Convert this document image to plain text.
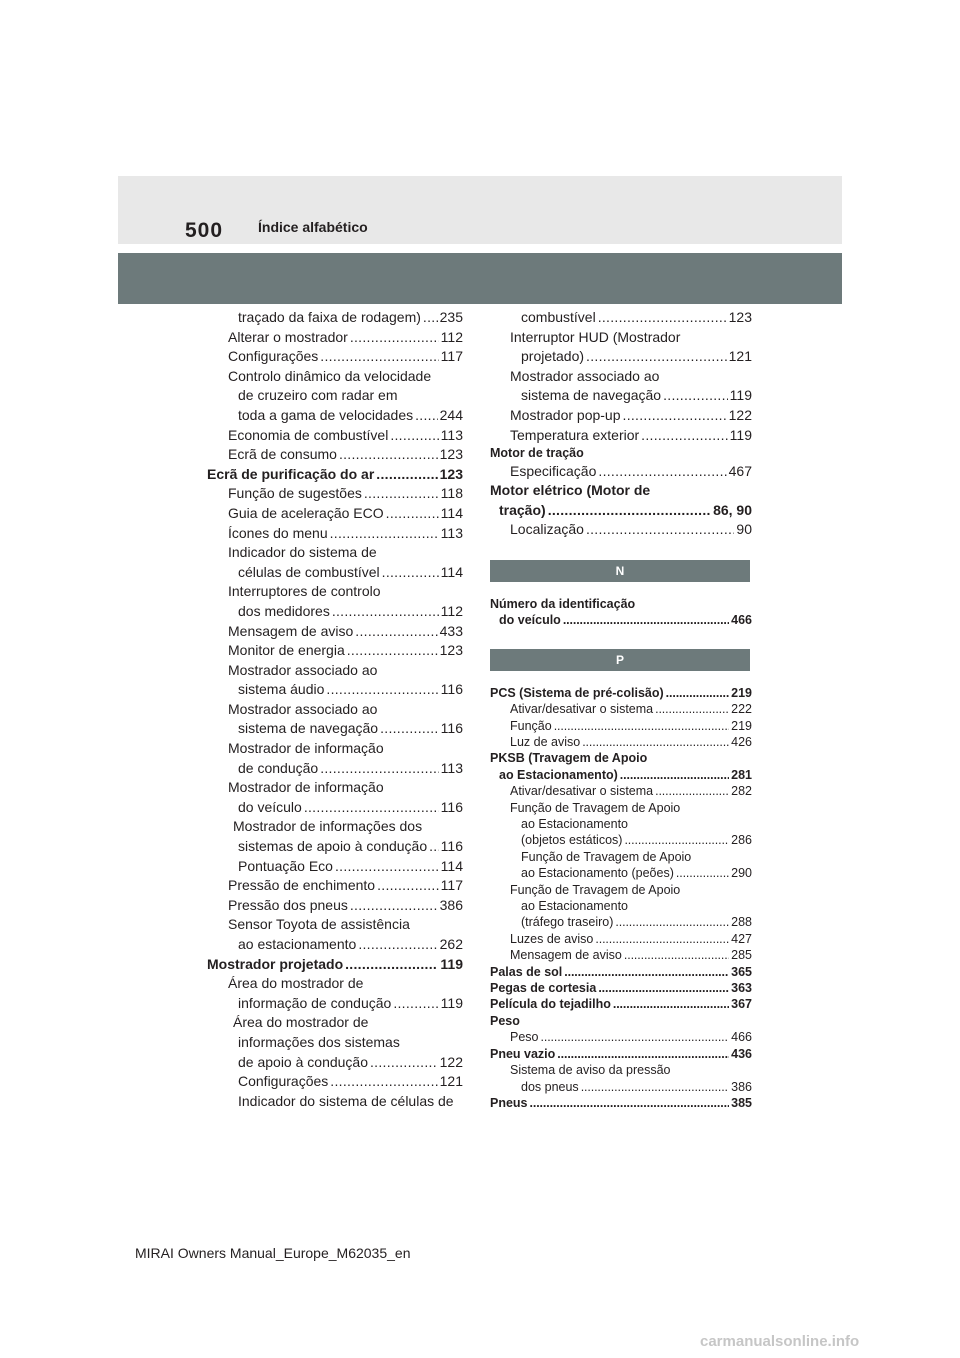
500 Índice alfabético
traçado da faixa de rodagem) . . . 235
Alterar o mostrador . . .	112
Configurações . . .	117
Controlo dinâmico da velocidade
de cruzeiro com radar em
toda a gama de velocidades . . . 244
Economia de combustível . . .	113
Ecrã de consumo . . .	123
Ecrã de purificação do ar . . .	123
Função de sugestões . . .	118
Guia de aceleração ECO . . .	114
Ícones do menu . . .	113
Indicador do sistema de
células de combustível . . .	114
Interruptores de controlo
dos medidores . . .	112
Mensagem de aviso . . .	433
Monitor de energia . . .	123
Mostrador associado ao
sistema áudio . . .	116
Mostrador associado ao
sistema de navegação . . .	116
Mostrador de informação
de condução . . .	113
Mostrador de informação
do veículo . . .	116
Mostrador de informações dos
sistemas de apoio à condução . . . 116
Pontuação Eco . . .	114
Pressão de enchimento . . .	117
Pressão dos pneus . . .	386
Sensor Toyota de assistência
ao estacionamento . . .	262
Mostrador projetado . . .	119
Área do mostrador de
informação de condução . . .	119
Área do mostrador de
informações dos sistemas
de apoio à condução . . .	122
Configurações . . .	121
Indicador do sistema de células de
combustível . . .	123
Interruptor HUD (Mostrador
projetado) . . .	121
Mostrador associado ao
sistema de navegação . . .	119
Mostrador pop-up . . .	122
Temperatura exterior . . .	119
Motor de tração
Especificação . . .	467
Motor elétrico (Motor de
tração) . . .	86, 90
Localização . . .	90
N
Número da identificação
do veículo . . .	466
P
PCS (Sistema de pré-colisão) . . .	219
Ativar/desativar o sistema . . .	222
Função . . .	219
Luz de aviso . . .	426
PKSB (Travagem de Apoio
ao Estacionamento) . . .	281
Ativar/desativar o sistema . . .	282
Função de Travagem de Apoio
ao Estacionamento
(objetos estáticos) . . .	286
Função de Travagem de Apoio
ao Estacionamento (peões) . . .	290
Função de Travagem de Apoio
ao Estacionamento
(tráfego traseiro) . . .	288
Luzes de aviso . . .	427
Mensagem de aviso . . .	285
Palas de sol . . .	365
Pegas de cortesia . . .	363
Película do tejadilho . . .	367
Peso
Peso . . .	466
Pneu vazio . . .	436
Sistema de aviso da pressão
dos pneus . . .	386
Pneus . . .	385
MIRAI Owners Manual_Europe_M62035_en
carmanualsonline.info
